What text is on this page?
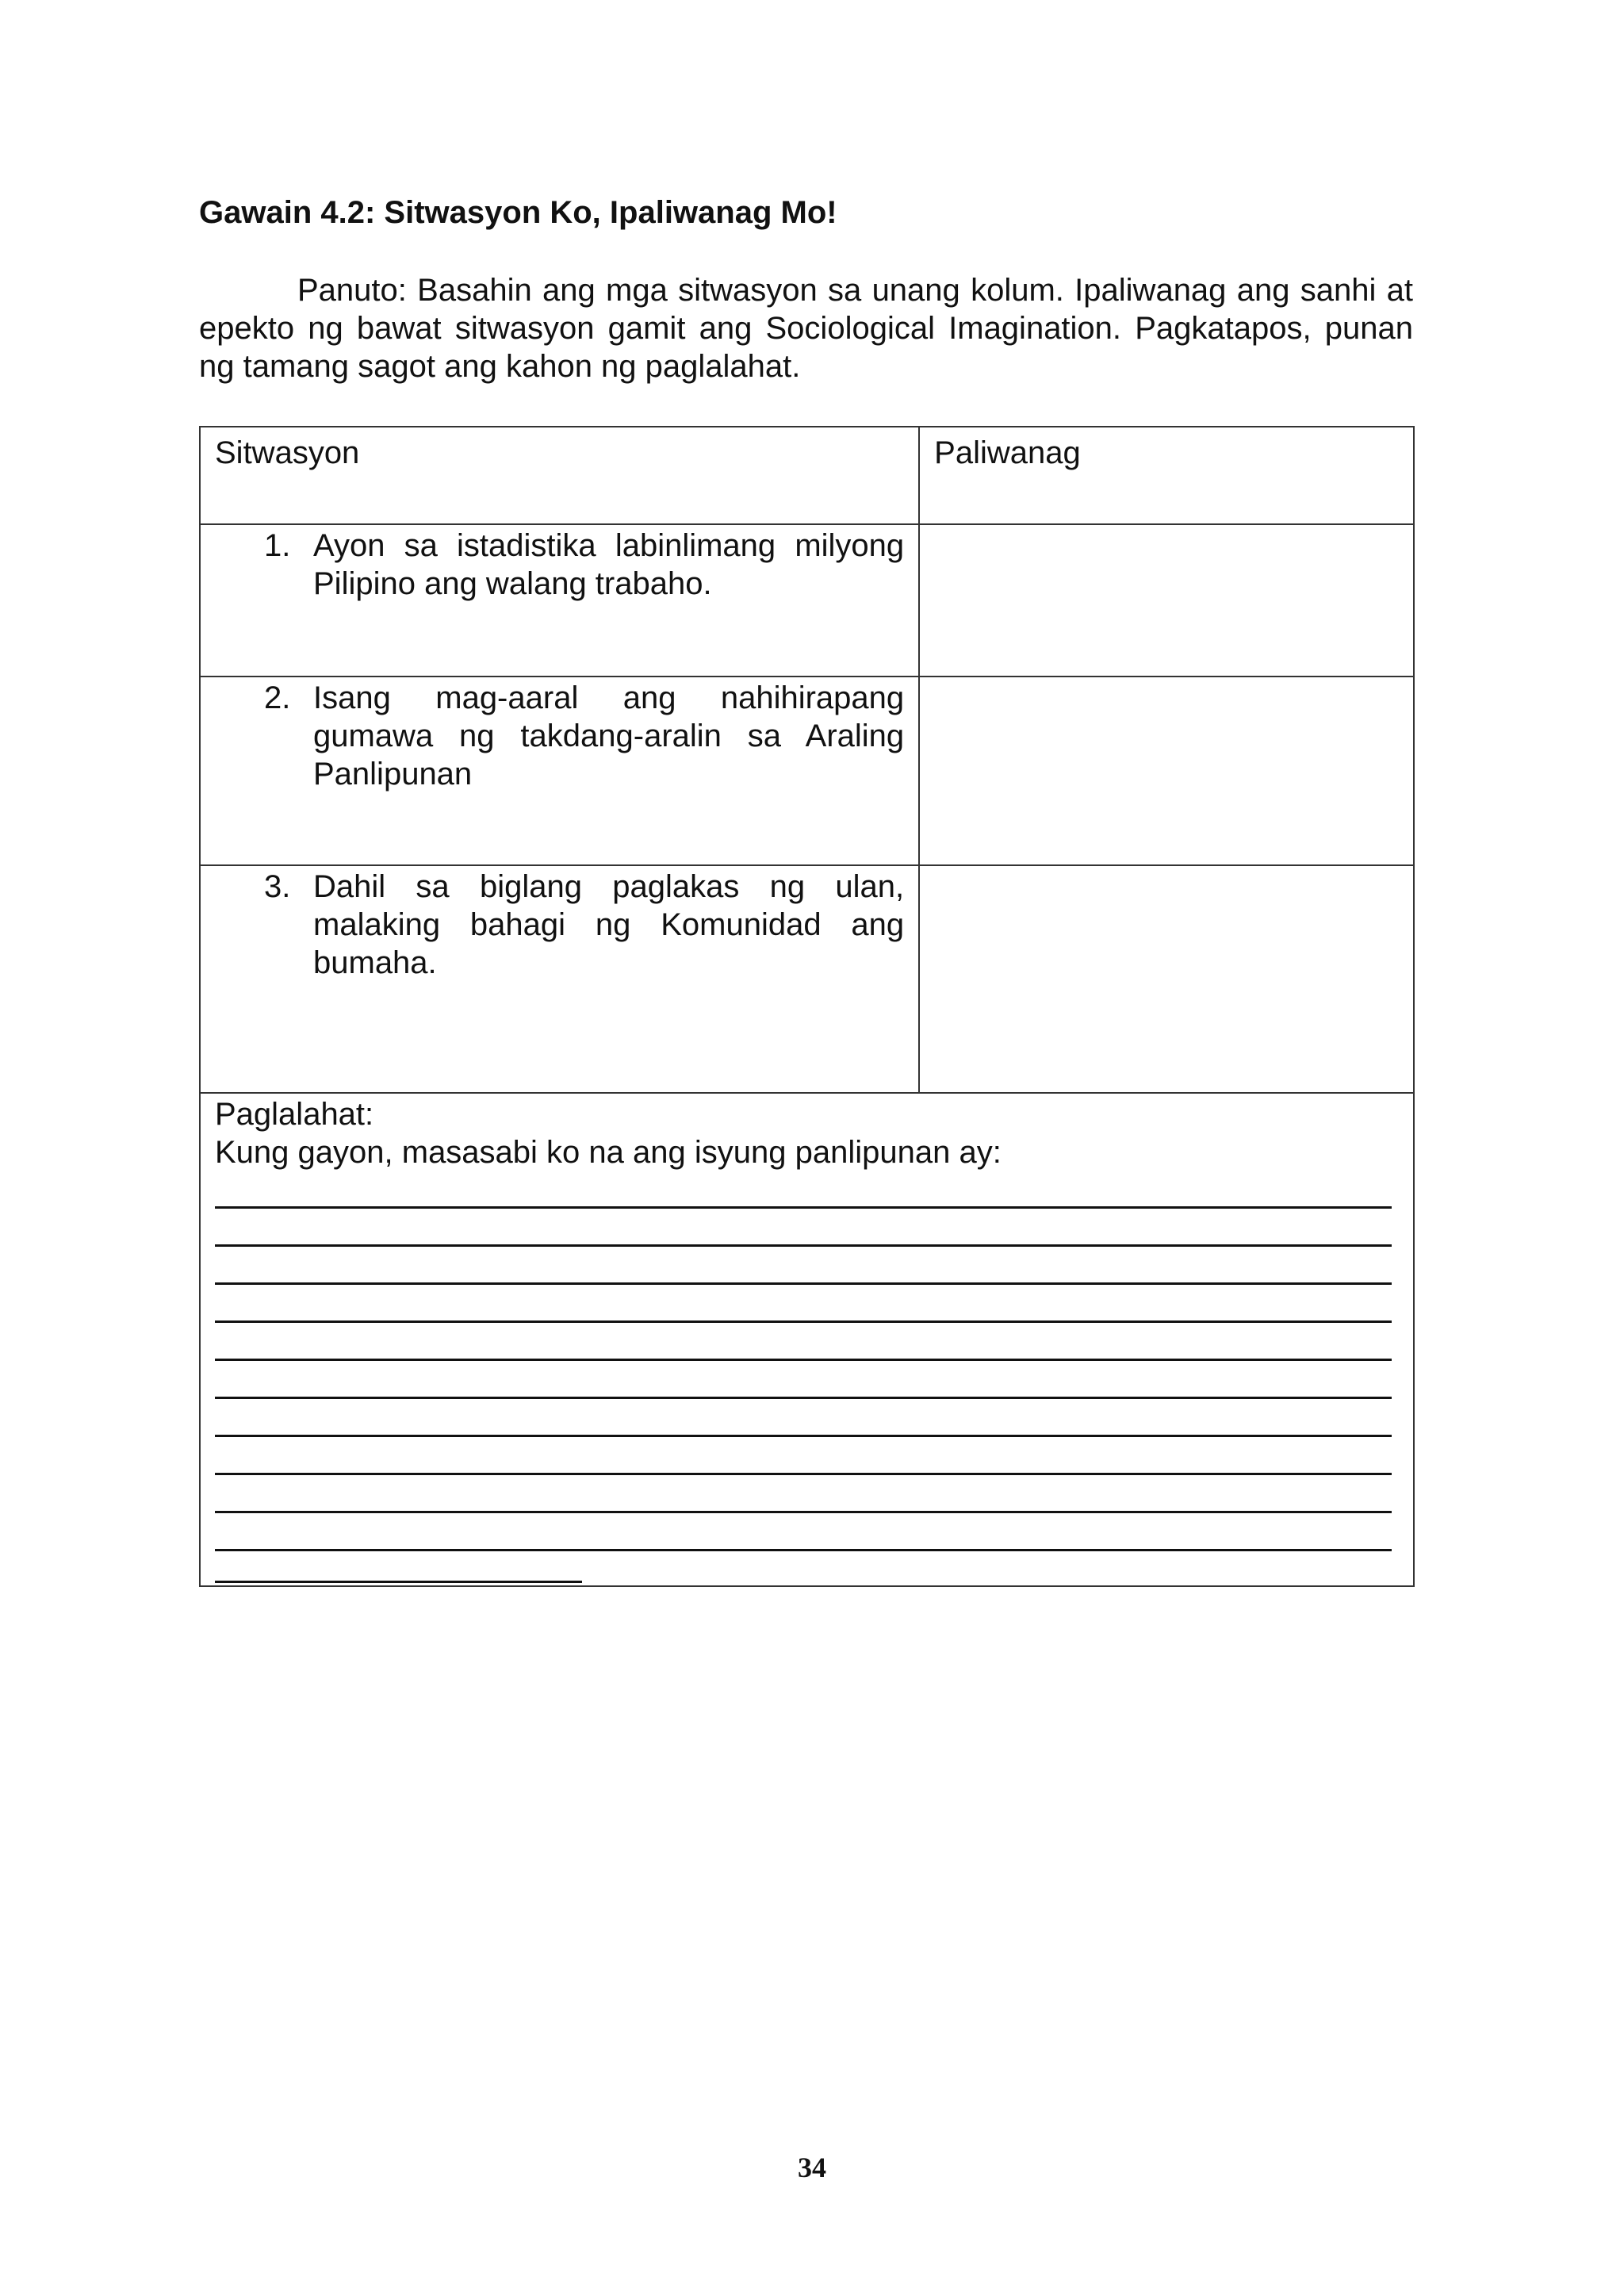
Gawain 4.2: Sitwasyon Ko, Ipaliwanag Mo!

Panuto: Basahin ang mga sitwasyon sa unang kolum. Ipaliwanag ang sanhi at epekto ng bawat sitwasyon gamit ang Sociological Imagination. Pagkatapos, punan ng tamang sagot ang kahon ng paglalahat.

Sitwasyon	Paliwanag

1. Ayon sa istadistika labinlimang milyong Pilipino ang walang trabaho.	

2. Isang mag-aaral ang nahihirapang gumawa ng takdang-aralin sa Araling Panlipunan	

3. Dahil sa biglang paglakas ng ulan, malaking bahagi ng Komunidad ang bumaha.	

Paglalahat:
Kung gayon, masasabi ko na ang isyung panlipunan ay:	
34
